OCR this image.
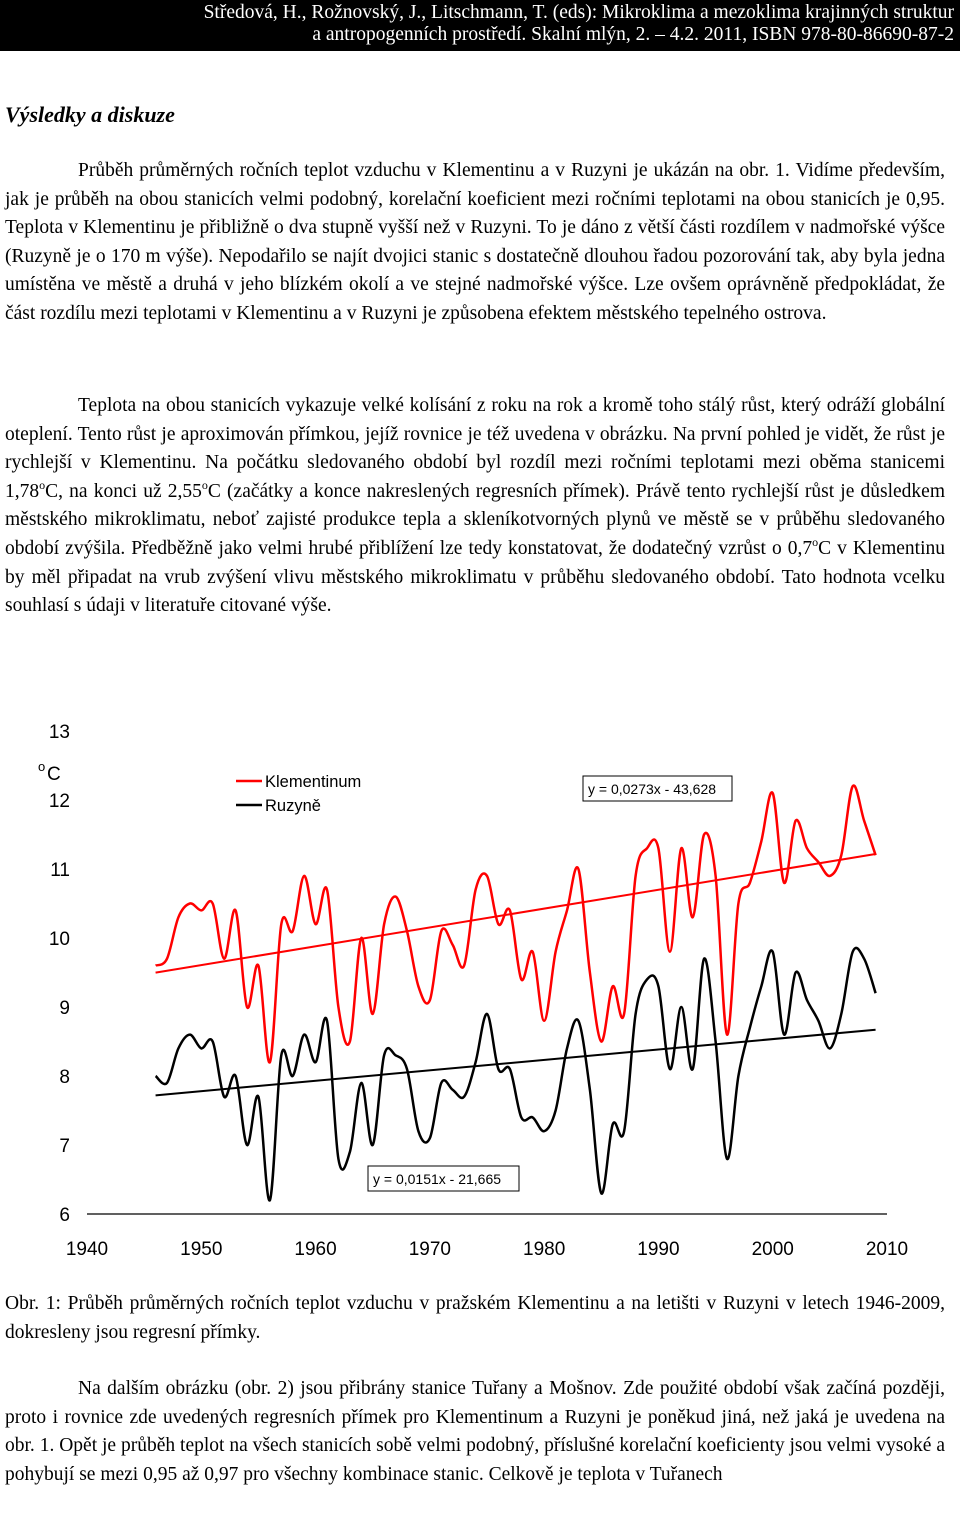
Středová, H., Rožnovský, J., Litschmann, T. (eds): Mikroklima a mezoklima krajinných struktur
a antropogenních prostředí. Skalní mlýn, 2. – 4.2. 2011, ISBN 978-80-86690-87-2
Výsledky a diskuze

Průběh průměrných ročních teplot vzduchu v Klementinu a v Ruzyni je ukázán na obr. 1. Vidíme především, jak je průběh na obou stanicích velmi podobný, korelační koeficient mezi ročními teplotami na obou stanicích je 0,95. Teplota v Klementinu je přibližně o dva stupně vyšší než v Ruzyni. To je dáno z větší části rozdílem v nadmořské výšce (Ruzyně je o 170 m výše). Nepodařilo se najít dvojici stanic s dostatečně dlouhou řadou pozorování tak, aby byla jedna umístěna ve městě a druhá v jeho blízkém okolí a ve stejné nadmořské výšce. Lze ovšem oprávněně předpokládat, že část rozdílu mezi teplotami v Klementinu a v Ruzyni je způsobena efektem městského tepelného ostrova.

Teplota na obou stanicích vykazuje velké kolísání z roku na rok a kromě toho stálý růst, který odráží globální oteplení. Tento růst je aproximován přímkou, jejíž rovnice je též uvedena v obrázku. Na první pohled je vidět, že růst je rychlejší v Klementinu. Na počátku sledovaného období byl rozdíl mezi ročními teplotami mezi oběma stanicemi 1,78$^o$C, na konci už 2,55$^o$C (začátky a konce nakreslených regresních přímek). Právě tento rychlejší růst je důsledkem městského mikroklimatu, neboť zajisté produkce tepla a skleníkotvorných plynů ve městě se v průběhu sledovaného období zvýšila. Předběžně jako velmi hrubé přiblížení lze tedy konstatovat, že dodatečný vzrůst o 0,7$^o$C v Klementinu by měl připadat na vrub zvýšení vlivu městského mikroklimatu v průběhu sledovaného období. Tato hodnota vcelku souhlasí s údaji v literatuře citované výše.

o C
6
7
8
9
10
11
12
13
1940	1950	1960	1970	1980	1990	2000	2010
Klementinum
Ruzyně
y = 0,0273x - 43,628
y = 0,0151x - 21,665
Obr. 1: Průběh průměrných ročních teplot vzduchu v pražském Klementinu a na letišti v Ruzyni v letech 1946-2009, dokresleny jsou regresní přímky.

Na dalším obrázku (obr. 2) jsou přibrány stanice Tuřany a Mošnov. Zde použité období však začíná později, proto i rovnice zde uvedených regresních přímek pro Klementinum a Ruzyni je poněkud jiná, než jaká je uvedena na obr. 1. Opět je průběh teplot na všech stanicích sobě velmi podobný, příslušné korelační koeficienty jsou velmi vysoké a pohybují se mezi 0,95 až 0,97 pro všechny kombinace stanic. Celkově je teplota v Tuřanech
